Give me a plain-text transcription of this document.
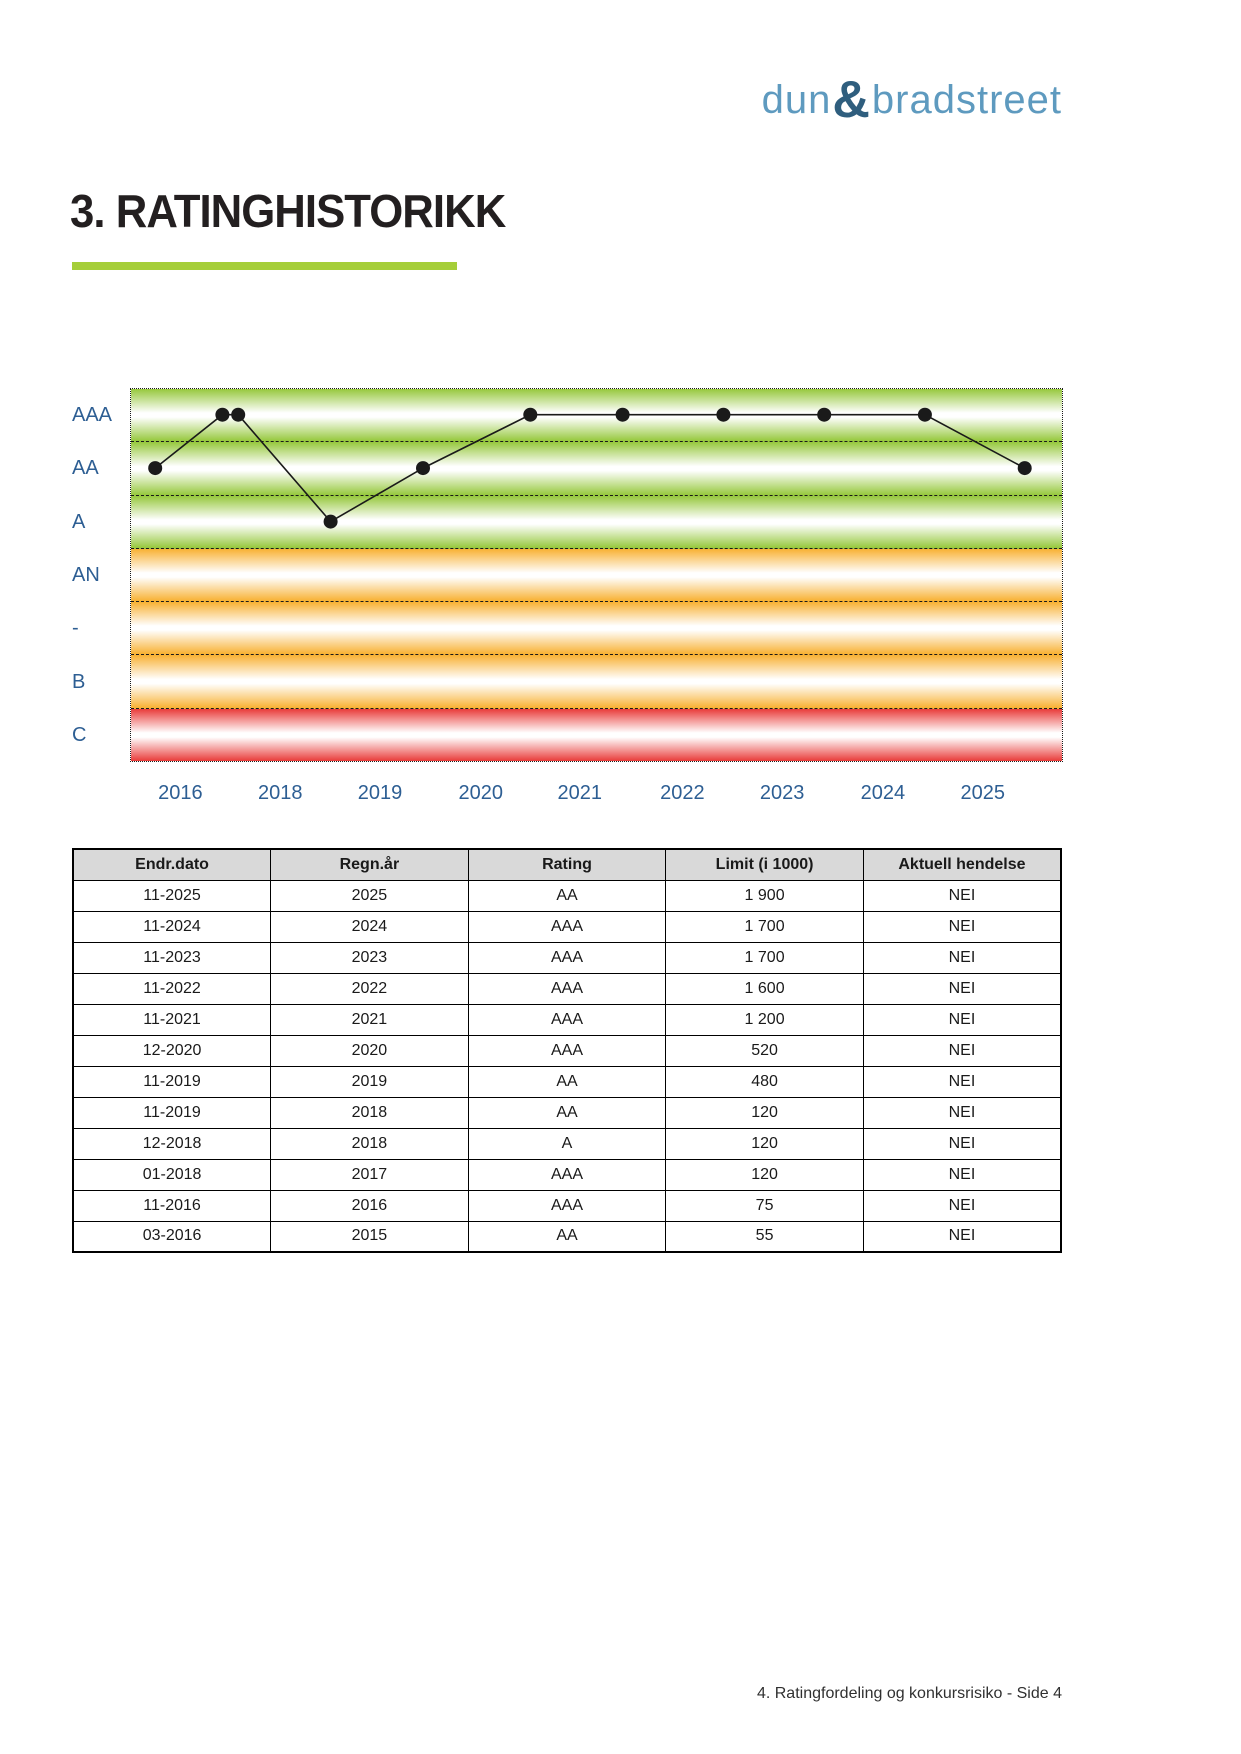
dun&bradstreet
3. RATINGHISTORIKK
AAA
AA
A
AN
-
B
C
2016	2018	2019	2020	2021	2022	2023	2024	2025
Endr.dato	Regn.år	Rating	Limit (i 1000)	Aktuell hendelse
11-2025	2025	AA	1 900	NEI
11-2024	2024	AAA	1 700	NEI
11-2023	2023	AAA	1 700	NEI
11-2022	2022	AAA	1 600	NEI
11-2021	2021	AAA	1 200	NEI
12-2020	2020	AAA	520	NEI
11-2019	2019	AA	480	NEI
11-2019	2018	AA	120	NEI
12-2018	2018	A	120	NEI
01-2018	2017	AAA	120	NEI
11-2016	2016	AAA	75	NEI
03-2016	2015	AA	55	NEI
4. Ratingfordeling og konkursrisiko - Side 4
